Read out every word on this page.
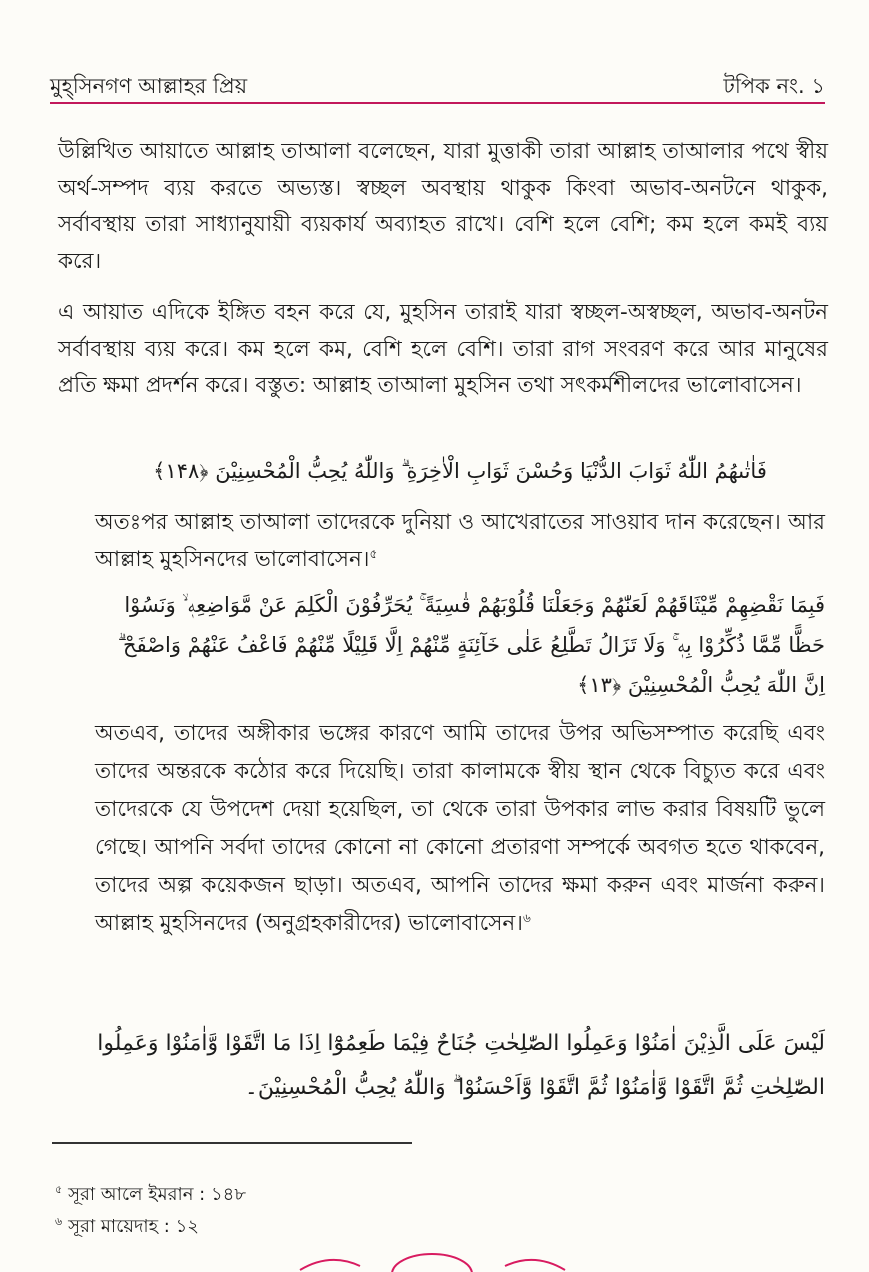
মুহ্‌সিনগণ আল্লাহর প্রিয়	টপিক নং. ১

উল্লিখিত আয়াতে আল্লাহ তাআলা বলেছেন, যারা মুত্তাকী তারা আল্লাহ তাআলার পথে স্বীয় অর্থ-সম্পদ ব্যয় করতে অভ্যস্ত। স্বচ্ছল অবস্থায় থাকুক কিংবা অভাব-অনটনে থাকুক, সর্বাবস্থায় তারা সাধ্যানুযায়ী ব্যয়কার্য অব্যাহত রাখে। বেশি হলে বেশি; কম হলে কমই ব্যয় করে।

এ আয়াত এদিকে ইঙ্গিত বহন করে যে, মুহসিন তারাই যারা স্বচ্ছল-অস্বচ্ছল, অভাব-অনটন সর্বাবস্থায় ব্যয় করে। কম হলে কম, বেশি হলে বেশি। তারা রাগ সংবরণ করে আর মানুষের প্রতি ক্ষমা প্রদর্শন করে। বস্তুত: আল্লাহ তাআলা মুহসিন তথা সৎকর্মশীলদের ভালোবাসেন।

فَاٰتٰىهُمُ اللّٰهُ ثَوَابَ الدُّنْيَا وَحُسْنَ ثَوَابِ الْاٰخِرَةِ ۗ وَاللّٰهُ يُحِبُّ الْمُحْسِنِيْنَ ﴿۱۴۸﴾

অতঃপর আল্লাহ তাআলা তাদেরকে দুনিয়া ও আখেরাতের সাওয়াব দান করেছেন। আর আল্লাহ মুহসিনদের ভালোবাসেন।$^৫$

فَبِمَا نَقْضِهِمْ مِّيْثَاقَهُمْ لَعَنّٰهُمْ وَجَعَلْنَا قُلُوْبَهُمْ قٰسِيَةً ۚ يُحَرِّفُوْنَ الْكَلِمَ عَنْ مَّوَاضِعِهٖ ۙ وَنَسُوْا حَظًّا مِّمَّا ذُكِّرُوْا بِهٖ ۚ وَلَا تَزَالُ تَطَّلِعُ عَلٰى خَآئِنَةٍ مِّنْهُمْ اِلَّا قَلِيْلًا مِّنْهُمْ فَاعْفُ عَنْهُمْ وَاصْفَحْ ۗ اِنَّ اللّٰهَ يُحِبُّ الْمُحْسِنِيْنَ ﴿۱۳﴾

অতএব, তাদের অঙ্গীকার ভঙ্গের কারণে আমি তাদের উপর অভিসম্পাত করেছি এবং তাদের অন্তরকে কঠোর করে দিয়েছি। তারা কালামকে স্বীয় স্থান থেকে বিচ্যুত করে এবং তাদেরকে যে উপদেশ দেয়া হয়েছিল, তা থেকে তারা উপকার লাভ করার বিষয়টি ভুলে গেছে। আপনি সর্বদা তাদের কোনো না কোনো প্রতারণা সম্পর্কে অবগত হতে থাকবেন, তাদের অল্প কয়েকজন ছাড়া। অতএব, আপনি তাদের ক্ষমা করুন এবং মার্জনা করুন। আল্লাহ মুহসিনদের (অনুগ্রহকারীদের) ভালোবাসেন।$^৬$

لَيْسَ عَلَى الَّذِيْنَ اٰمَنُوْا وَعَمِلُوا الصّٰلِحٰتِ جُنَاحٌ فِيْمَا طَعِمُوْٓا اِذَا مَا اتَّقَوْا وَّاٰمَنُوْا وَعَمِلُوا الصّٰلِحٰتِ ثُمَّ اتَّقَوْا وَّاٰمَنُوْا ثُمَّ اتَّقَوْا وَّاَحْسَنُوْا ۗ وَاللّٰهُ يُحِبُّ الْمُحْسِنِيْنَ۔

$^৫$ সূরা আলে ইমরান : ১৪৮
$^৬$ সূরা মায়েদাহ : ১২
